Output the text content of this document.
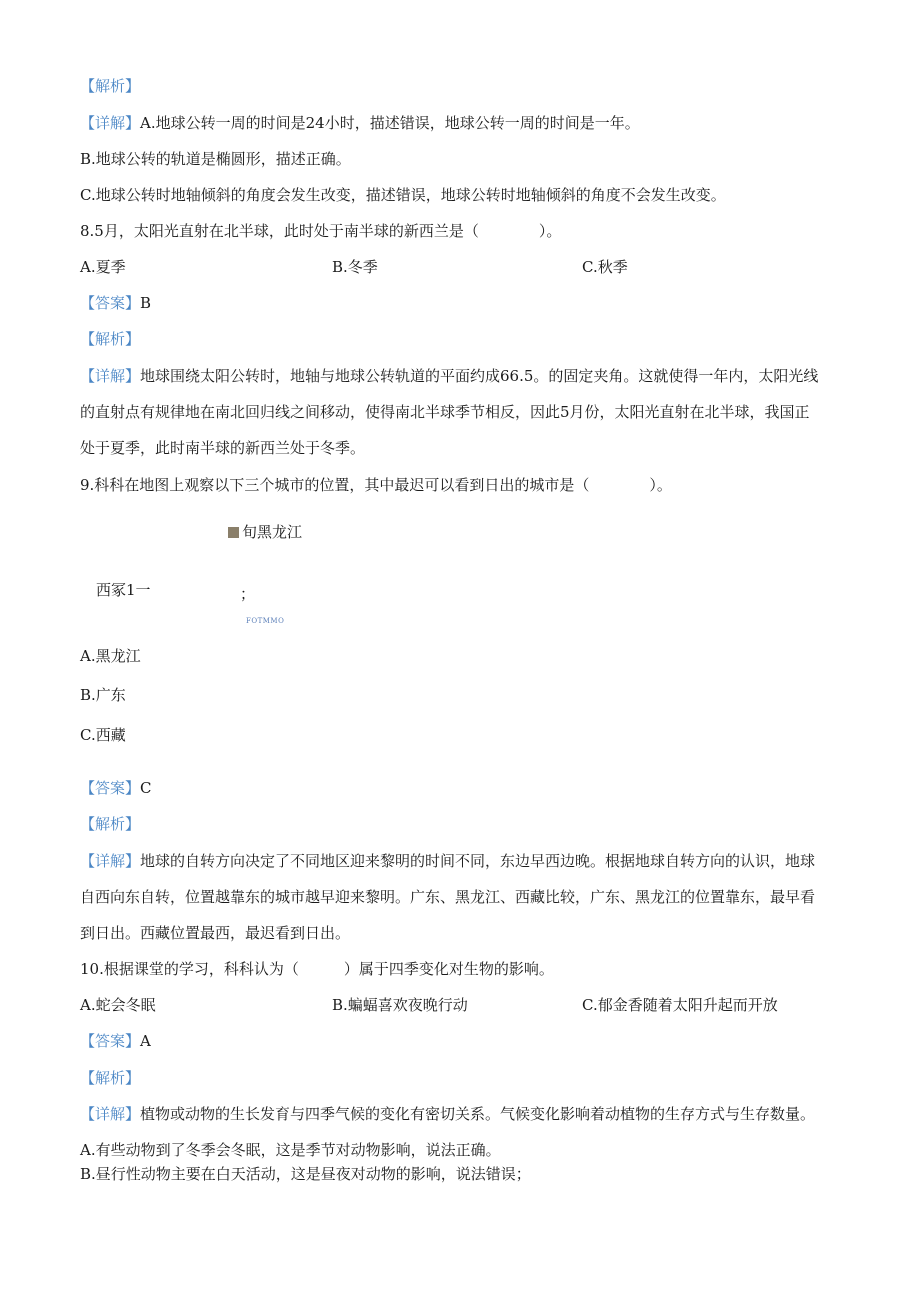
【解析】
【详解】A.地球公转一周的时间是24小时，描述错误，地球公转一周的时间是一年。
B.地球公转的轨道是椭圆形，描述正确。
C.地球公转时地轴倾斜的角度会发生改变，描述错误，地球公转时地轴倾斜的角度不会发生改变。
8.5月，太阳光直射在北半球，此时处于南半球的新西兰是（　　　　）。
A.夏季	B.冬季	C.秋季
【答案】B
【解析】
【详解】地球围绕太阳公转时，地轴与地球公转轨道的平面约成66.5。的固定夹角。这就使得一年内，太阳光线
的直射点有规律地在南北回归线之间移动，使得南北半球季节相反，因此5月份，太阳光直射在北半球，我国正
处于夏季，此时南半球的新西兰处于冬季。
9.科科在地图上观察以下三个城市的位置，其中最迟可以看到日出的城市是（　　　　）。
旬黑龙江
西冢1一	；
FOTMMO
A.黑龙江
B.广东
C.西藏
【答案】C
【解析】
【详解】地球的自转方向决定了不同地区迎来黎明的时间不同，东边早西边晚。根据地球自转方向的认识，地球
自西向东自转，位置越靠东的城市越早迎来黎明。广东、黑龙江、西藏比较，广东、黑龙江的位置靠东，最早看
到日出。西藏位置最西，最迟看到日出。
10.根据课堂的学习，科科认为（　　　）属于四季变化对生物的影响。
A.蛇会冬眠	B.蝙蝠喜欢夜晚行动	C.郁金香随着太阳升起而开放
【答案】A
【解析】
【详解】植物或动物的生长发育与四季气候的变化有密切关系。气候变化影响着动植物的生存方式与生存数量。
A.有些动物到了冬季会冬眠，这是季节对动物影响，说法正确。
B.昼行性动物主要在白天活动，这是昼夜对动物的影响，说法错误；
